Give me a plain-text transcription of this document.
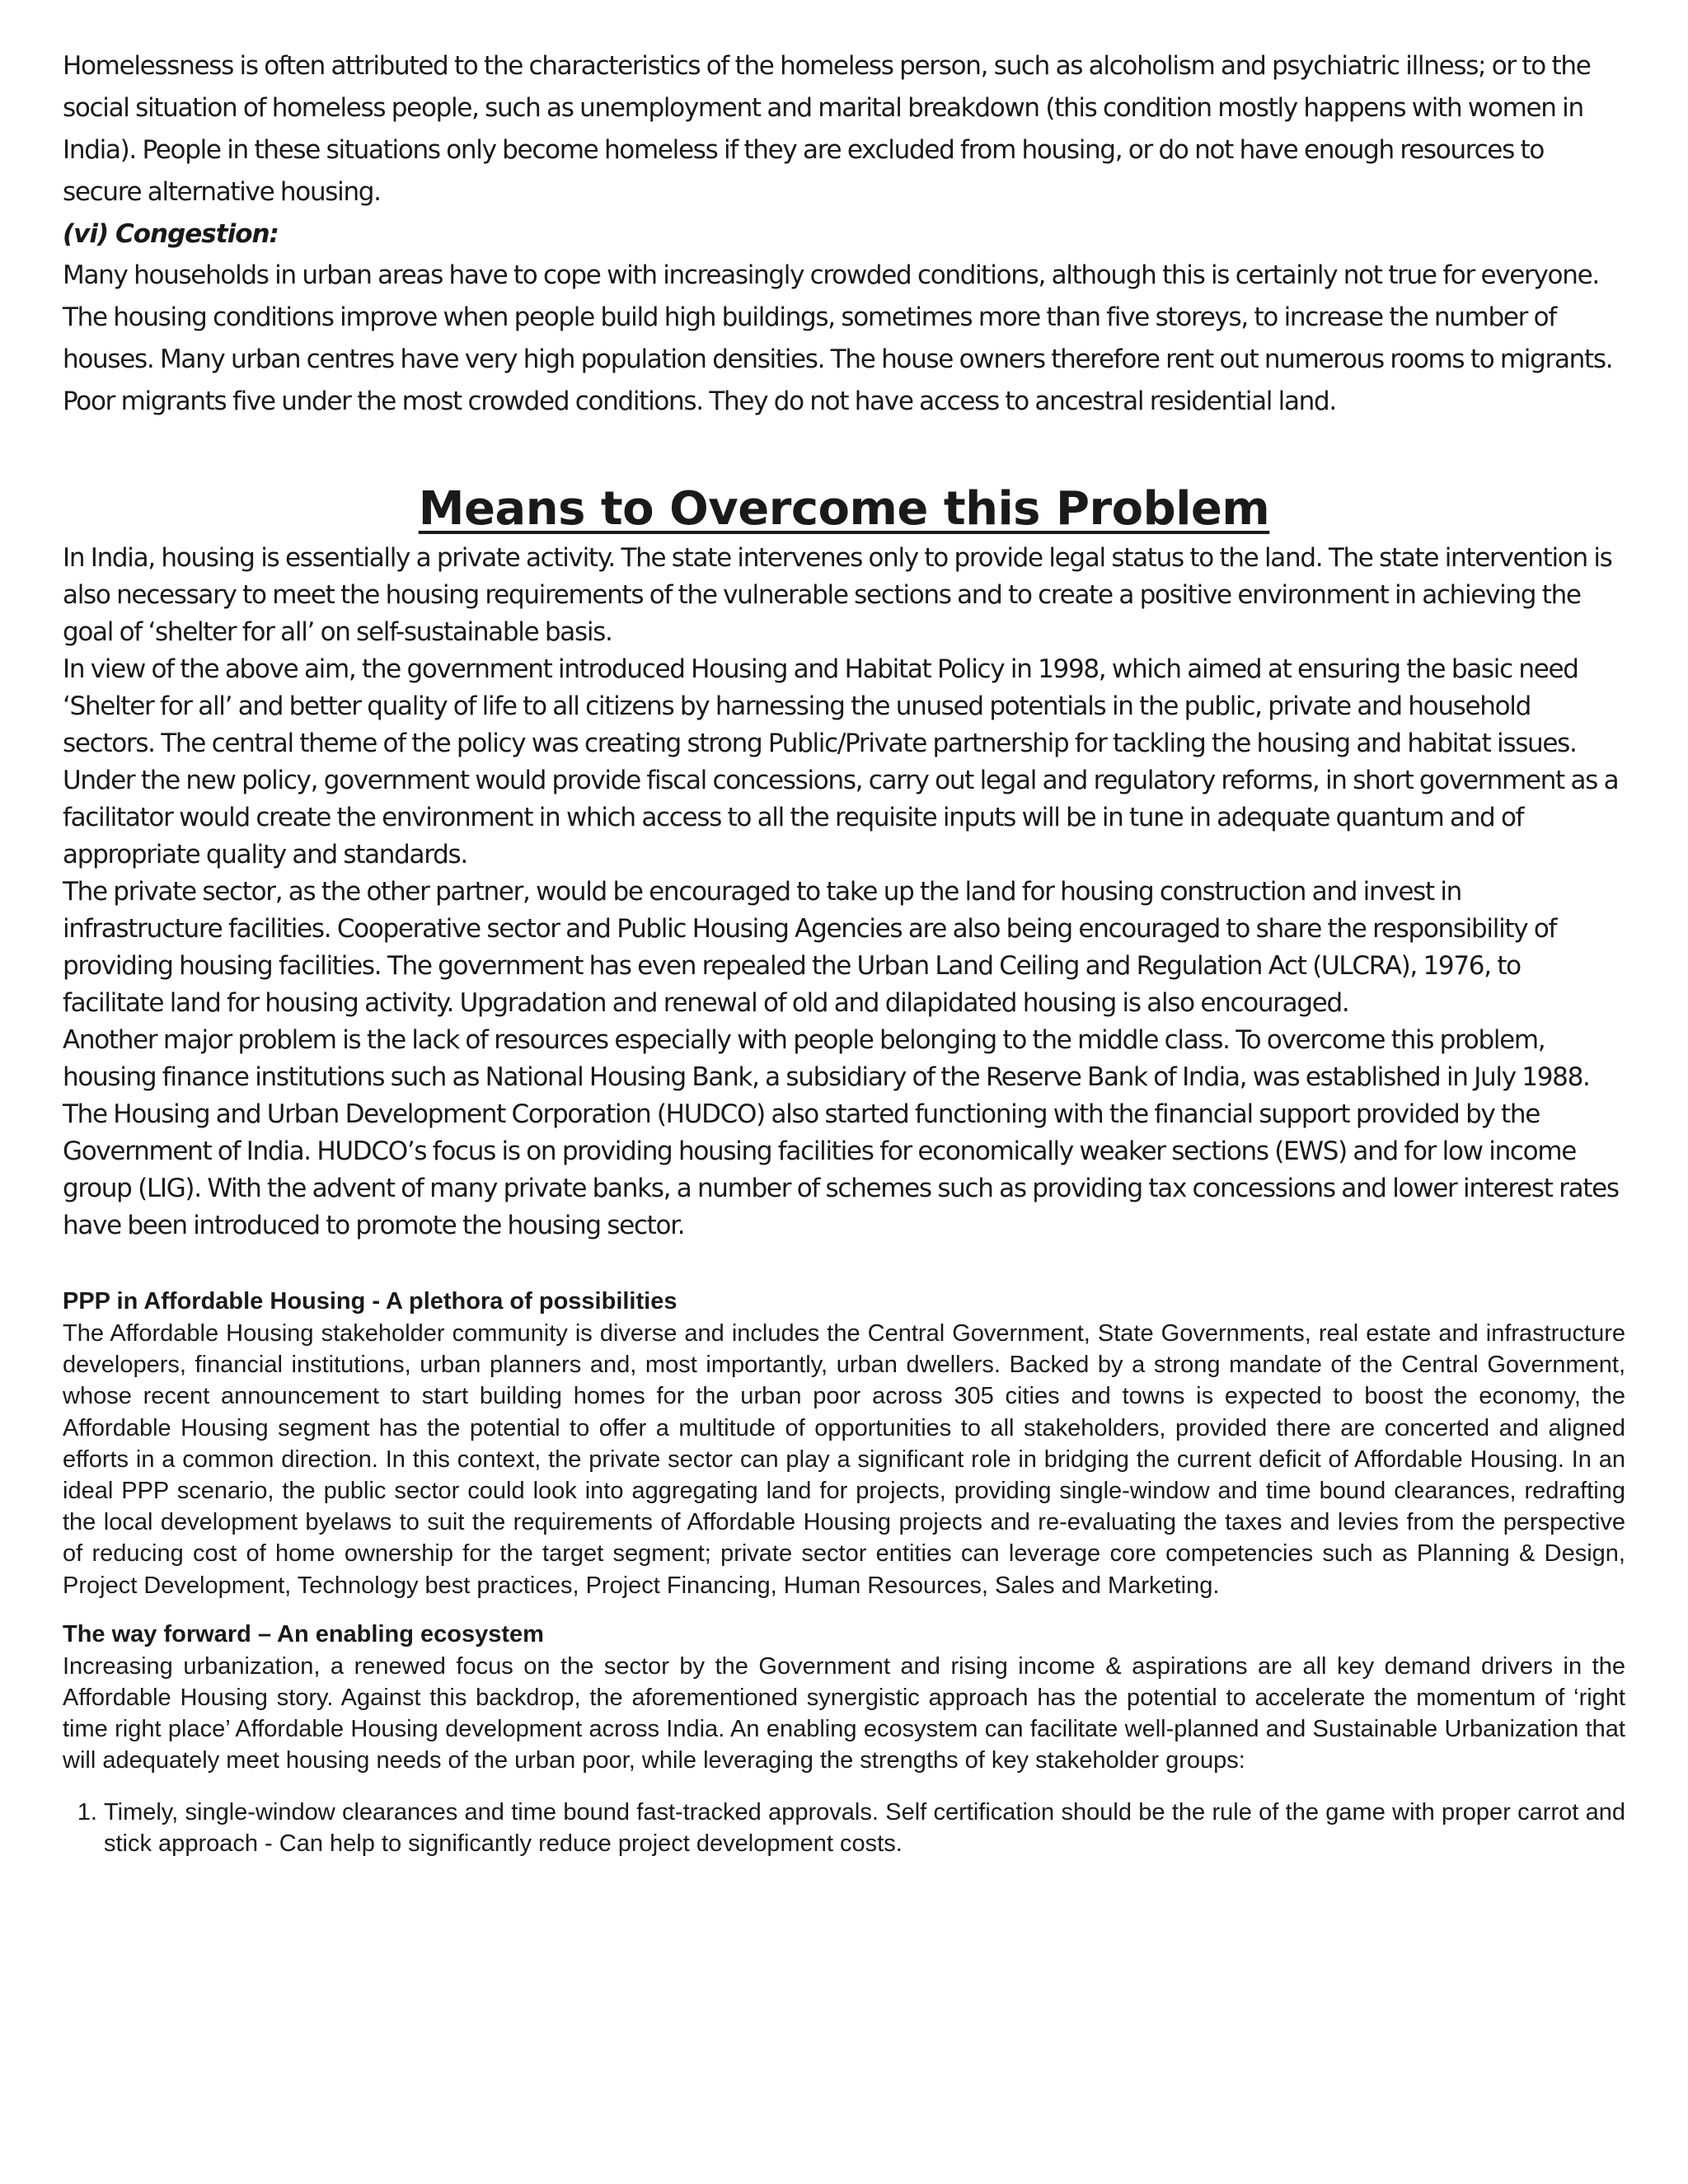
Homelessness is often attributed to the characteristics of the homeless person, such as alcoholism and psychiatric illness; or to the social situation of homeless people, such as unemployment and marital breakdown (this condition mostly happens with women in India). People in these situations only become homeless if they are excluded from housing, or do not have enough resources to secure alternative housing.

(vi) Congestion:

Many households in urban areas have to cope with increasingly crowded conditions, although this is certainly not true for everyone. The housing conditions improve when people build high buildings, sometimes more than five storeys, to increase the number of houses. Many urban centres have very high population densities. The house owners therefore rent out numerous rooms to migrants. Poor migrants five under the most crowded conditions. They do not have access to ancestral residential land.

Means to Overcome this Problem

In India, housing is essentially a private activity. The state intervenes only to provide legal status to the land. The state intervention is also necessary to meet the housing requirements of the vulnerable sections and to create a positive environment in achieving the goal of ‘shelter for all’ on self-sustainable basis.

In view of the above aim, the government introduced Housing and Habitat Policy in 1998, which aimed at ensuring the basic need ‘Shelter for all’ and better quality of life to all citizens by harnessing the unused potentials in the public, private and household sectors. The central theme of the policy was creating strong Public/Private partnership for tackling the housing and habitat issues.

Under the new policy, government would provide fiscal concessions, carry out legal and regulatory reforms, in short government as a facilitator would create the environment in which access to all the requisite inputs will be in tune in adequate quantum and of appropriate quality and standards.

The private sector, as the other partner, would be encouraged to take up the land for housing construction and invest in infrastructure facilities. Cooperative sector and Public Housing Agencies are also being encouraged to share the responsibility of providing housing facilities. The government has even repealed the Urban Land Ceiling and Regulation Act (ULCRA), 1976, to facilitate land for housing activity. Upgradation and renewal of old and dilapidated housing is also encouraged.

Another major problem is the lack of resources especially with people belonging to the middle class. To overcome this problem, housing finance institutions such as National Housing Bank, a subsidiary of the Reserve Bank of India, was established in July 1988.

The Housing and Urban Development Corporation (HUDCO) also started functioning with the financial support provided by the Government of India. HUDCO’s focus is on providing housing facilities for economically weaker sections (EWS) and for low income group (LIG). With the advent of many private banks, a number of schemes such as providing tax concessions and lower interest rates have been introduced to promote the housing sector.

PPP in Affordable Housing - A plethora of possibilities

The Affordable Housing stakeholder community is diverse and includes the Central Government, State Governments, real estate and infrastructure developers, financial institutions, urban planners and, most importantly, urban dwellers. Backed by a strong mandate of the Central Government, whose recent announcement to start building homes for the urban poor across 305 cities and towns is expected to boost the economy, the Affordable Housing segment has the potential to offer a multitude of opportunities to all stakeholders, provided there are concerted and aligned efforts in a common direction. In this context, the private sector can play a significant role in bridging the current deficit of Affordable Housing. In an ideal PPP scenario, the public sector could look into aggregating land for projects, providing single-window and time bound clearances, redrafting the local development byelaws to suit the requirements of Affordable Housing projects and re-evaluating the taxes and levies from the perspective of reducing cost of home ownership for the target segment; private sector entities can leverage core competencies such as Planning & Design, Project Development, Technology best practices, Project Financing, Human Resources, Sales and Marketing.

The way forward – An enabling ecosystem

Increasing urbanization, a renewed focus on the sector by the Government and rising income & aspirations are all key demand drivers in the Affordable Housing story. Against this backdrop, the aforementioned synergistic approach has the potential to accelerate the momentum of ‘right time right place’ Affordable Housing development across India. An enabling ecosystem can facilitate well-planned and Sustainable Urbanization that will adequately meet housing needs of the urban poor, while leveraging the strengths of key stakeholder groups:

1. Timely, single-window clearances and time bound fast-tracked approvals. Self certification should be the rule of the game with proper carrot and stick approach - Can help to significantly reduce project development costs.
